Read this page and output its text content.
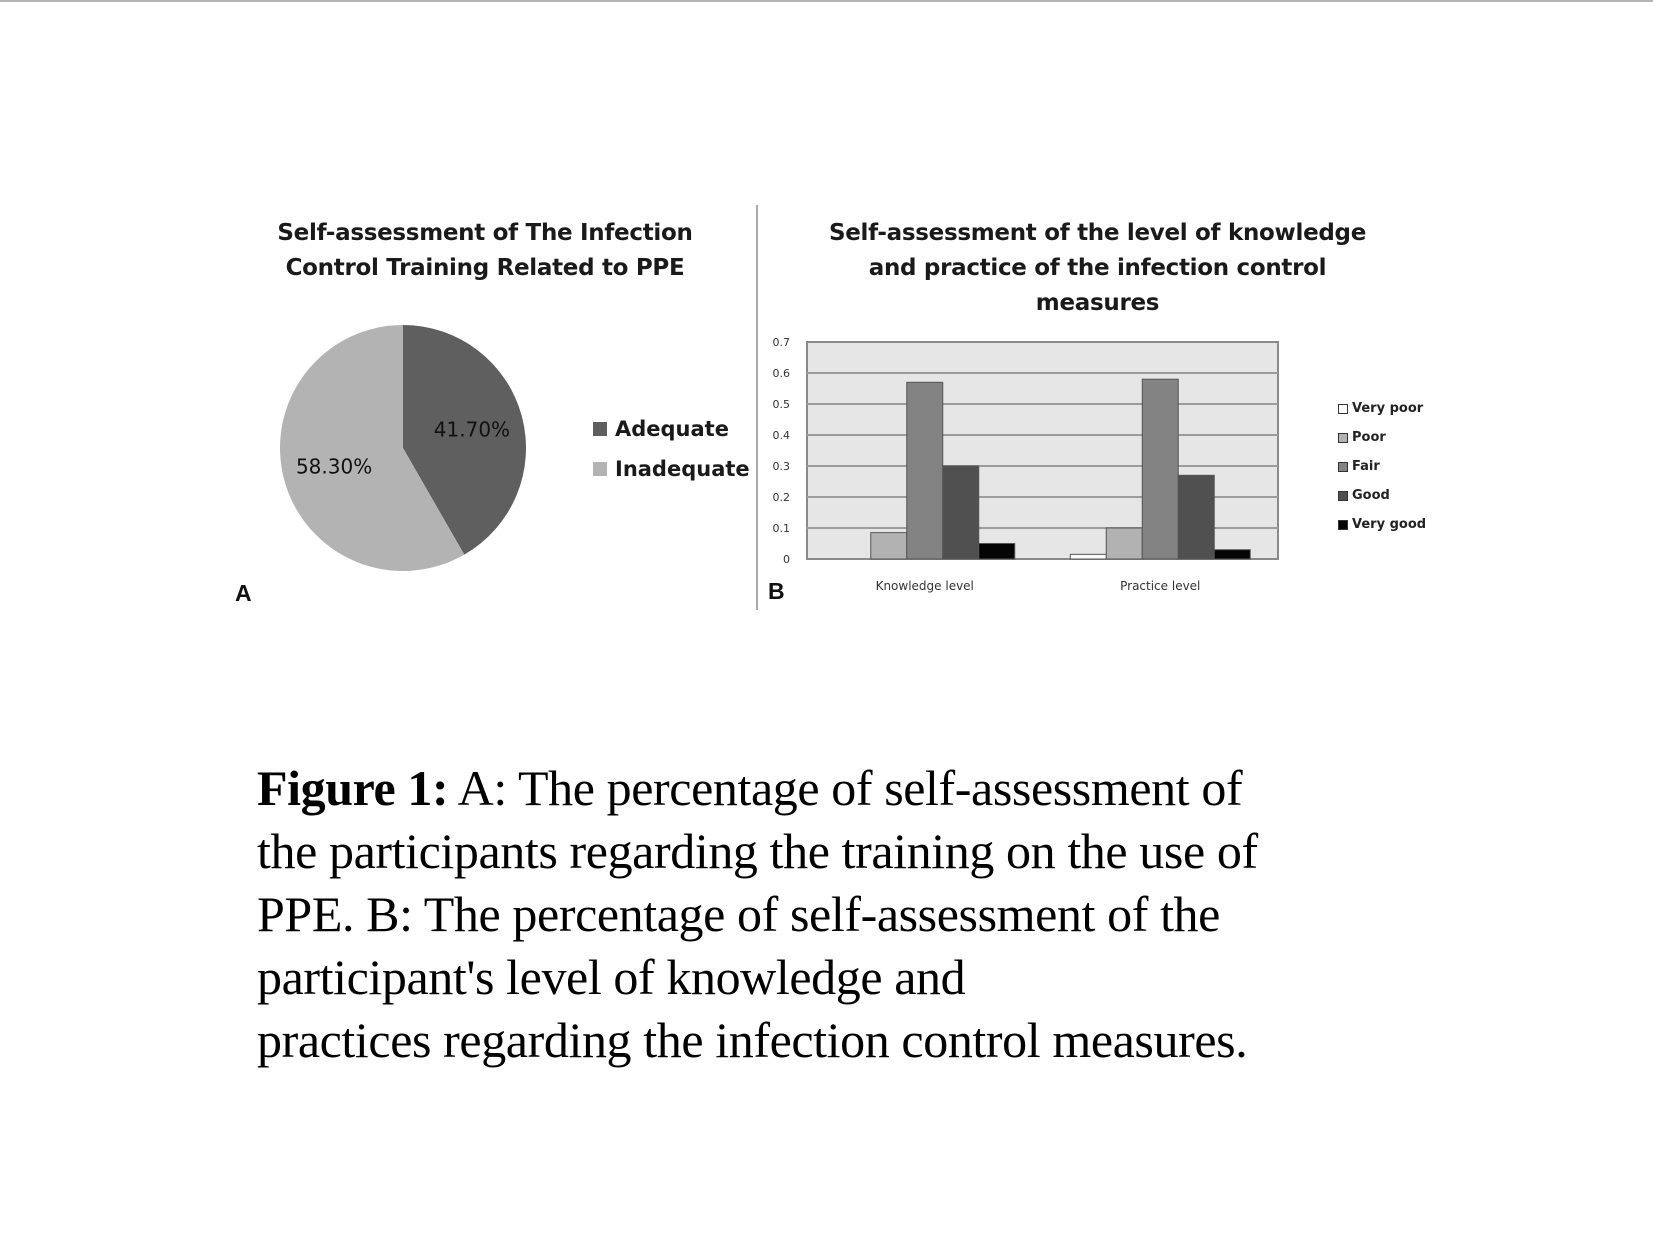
Self-assessment of The Infection
Control Training Related to PPE
41.70%
58.30%
Adequate
Inadequate
A
Self-assessment of the level of knowledge
and practice of the infection control
measures
0
0.1
0.2
0.3
0.4
0.5
0.6
0.7
Knowledge level	Practice level
Very poor
Poor
Fair
Good
Very good
B
Figure 1: A: The percentage of self-assessment of
the participants regarding the training on the use of
PPE. B: The percentage of self-assessment of the
participant's level of knowledge and
practices regarding the infection control measures.
